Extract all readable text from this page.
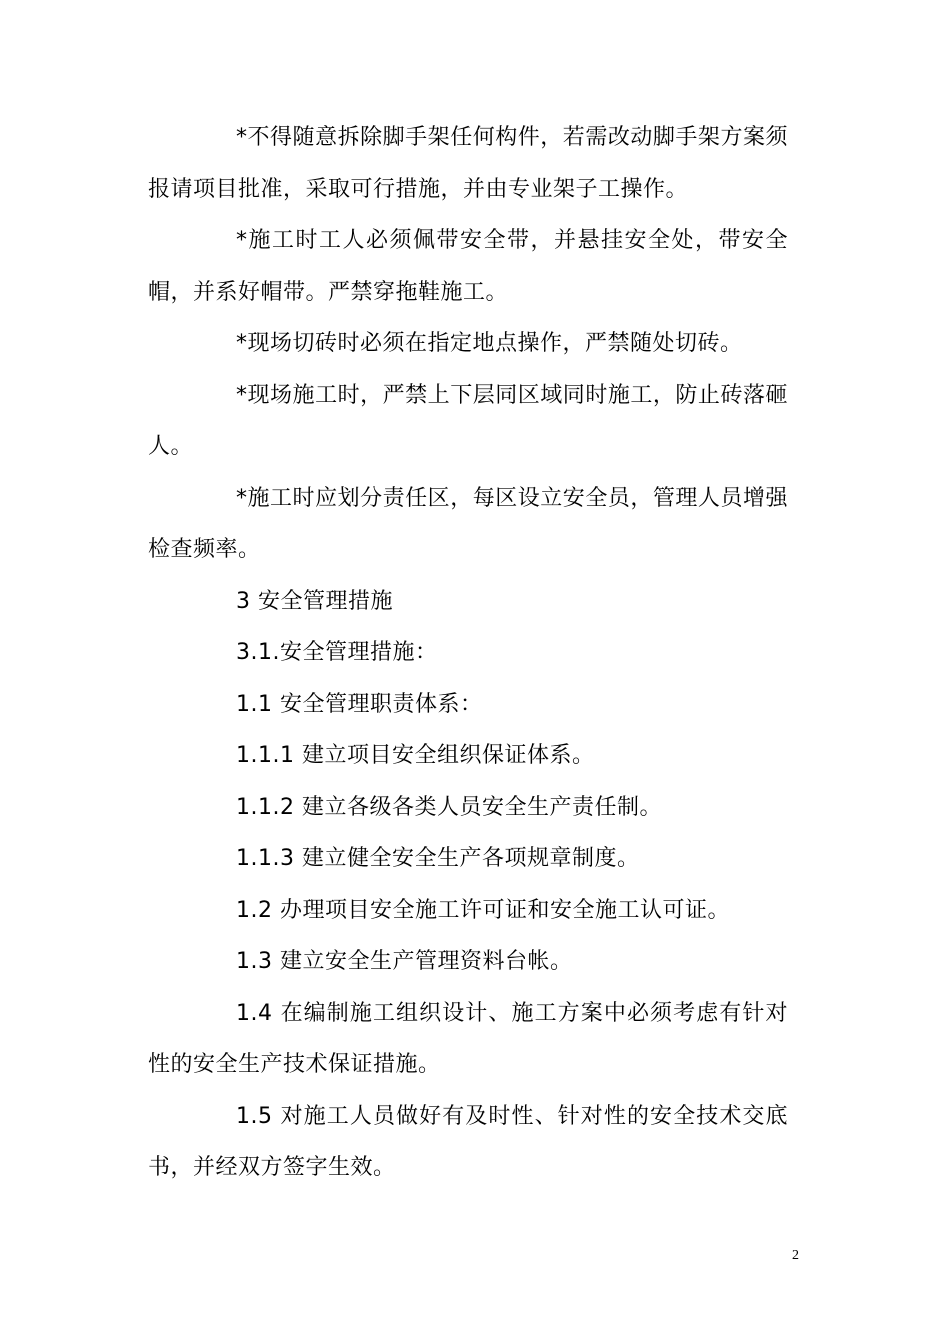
*不得随意拆除脚手架任何构件，若需改动脚手架方案须报请项目批准，采取可行措施，并由专业架子工操作。

*施工时工人必须佩带安全带，并悬挂安全处，带安全帽，并系好帽带。严禁穿拖鞋施工。

*现场切砖时必须在指定地点操作，严禁随处切砖。

*现场施工时，严禁上下层同区域同时施工，防止砖落砸人。

*施工时应划分责任区，每区设立安全员，管理人员增强检查频率。

3 安全管理措施

3.1.安全管理措施：

1.1 安全管理职责体系：

1.1.1 建立项目安全组织保证体系。

1.1.2 建立各级各类人员安全生产责任制。

1.1.3 建立健全安全生产各项规章制度。

1.2 办理项目安全施工许可证和安全施工认可证。

1.3 建立安全生产管理资料台帐。

1.4 在编制施工组织设计、施工方案中必须考虑有针对性的安全生产技术保证措施。

1.5 对施工人员做好有及时性、针对性的安全技术交底书，并经双方签字生效。

2
